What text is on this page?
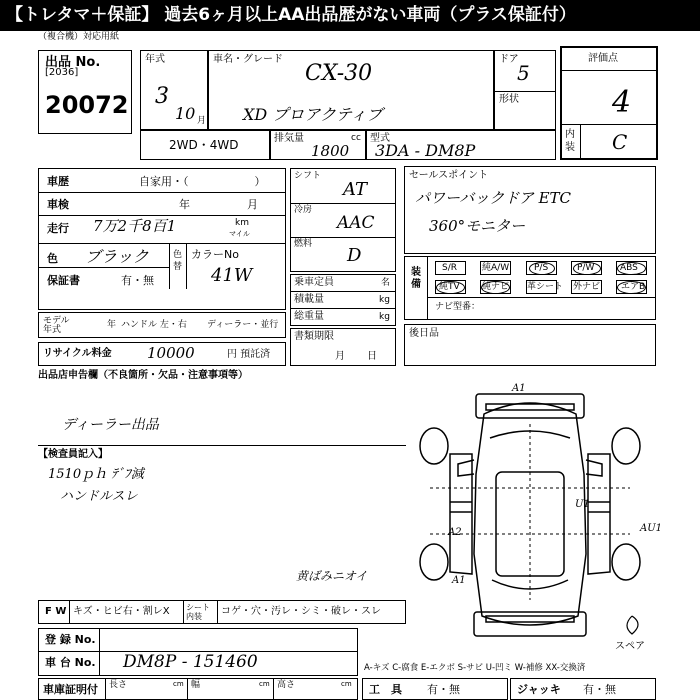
【トレタマ＋保証】 過去6ヶ月以上AA出品歴がない車両（プラス保証付）
（複合機）対応用紙
出品 No.
[2036]
20072
年式
3
10 月
車名・グレード
CX-30
XD プロアクティブ
ドア
5
形状
評価点
4
内装 C
2WD・4WD	排気量	cc
1800
型式
3DA - DM8P
車歴	自家用・（　　　　　　）
車検	年	月
走行 7万2千8百1	km
マイル
色 ブラック	色替
カラーNo
41W
保証書	有・無
モデル年式	年 ハンドル 左・右 ディーラー・並行
リサイクル料金 10000	円 預託済
出品店申告欄（不良箇所・欠品・注意事項等）
ディーラー出品
【検査員記入】
1510ｐｈ ﾃﾞﾌ減
ハンドルスレ
シフト
AT
冷房
AAC
燃料
D
乗車定員	名
積載量	kg
総重量	kg
書類期限
月日
セールスポイント
パワーバックドア ETC
360°モニター
装備
ナビ型番：
S/R	純A/W	P/S	P/W	ABS
純TV 純ナビ 革シート 外ナビ エアB
後日品
A1
A2
U1
AU1
A1
黄ばみニオイ
スペア
F W キズ・ヒビ右・割レX シート内装	コゲ・穴・汚レ・シミ・破レ・スレ
登 録 No.
車 台 No. DM8P - 151460	A-キズ C-腐食 E-エクボ S-サビ U-凹ミ W-補修 XX-交換済
車庫証明付 長さ	cm 幅	cm 高さ	cm 工　具 有・無	ジャッキ 有・無
